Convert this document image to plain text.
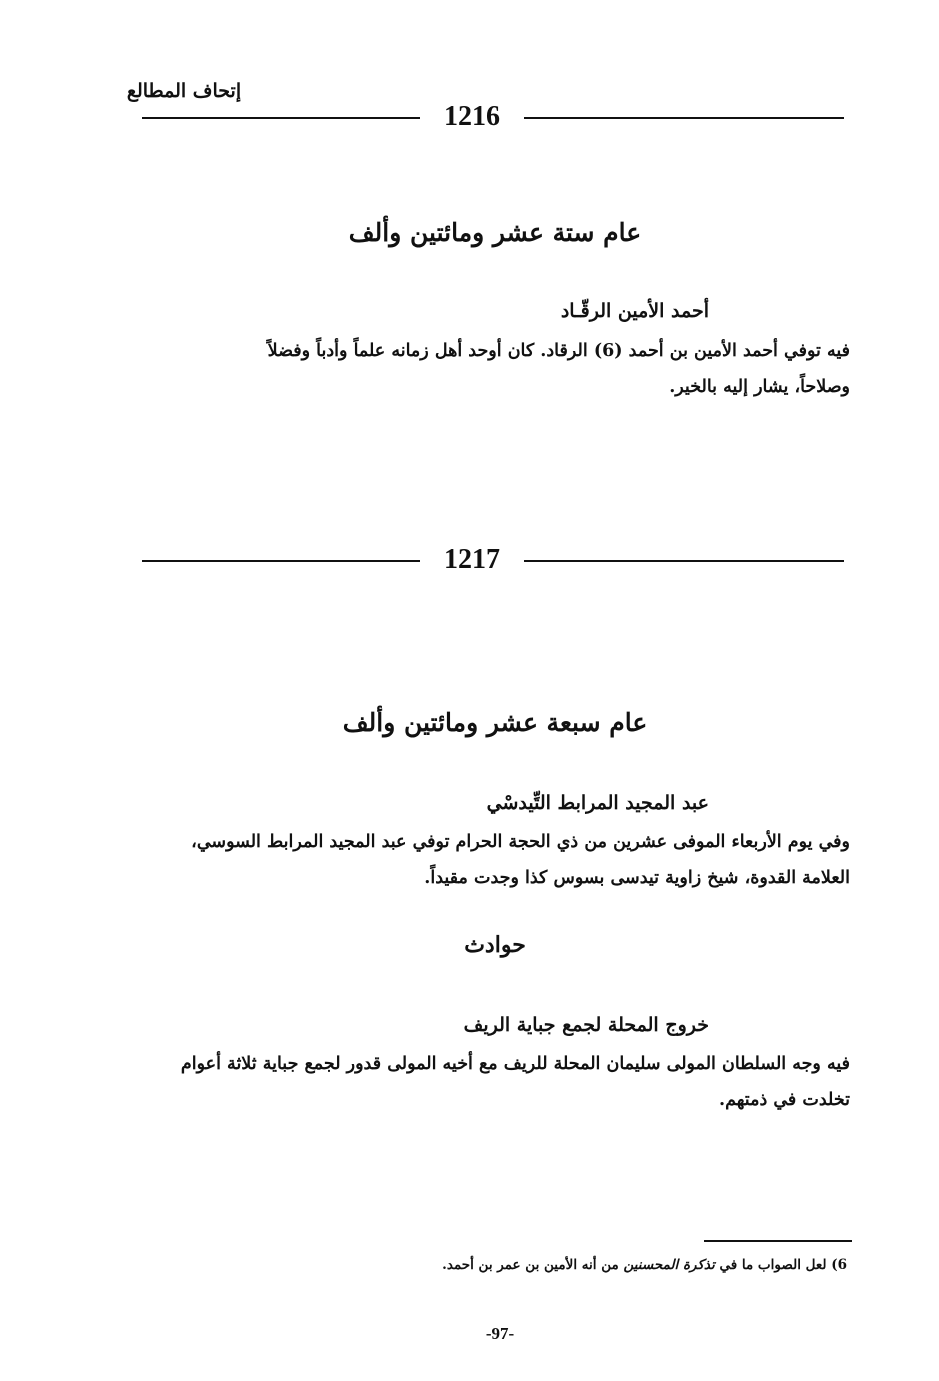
إتحاف المطالع
1216
عام ستة عشر ومائتين وألف
أحمد الأمين الرقّـاد
فيه توفي أحمد الأمين بن أحمد (6) الرقاد. كان أوحد أهل زمانه علماً وأدباً وفضلاً
وصلاحاً، يشار إليه بالخير.
1217
عام سبعة عشر ومائتين وألف
عبد المجيد المرابط التِّيدسْي
وفي يوم الأربعاء الموفى عشرين من ذي الحجة الحرام توفي عبد المجيد المرابط السوسي،
العلامة القدوة، شيخ زاوية تيدسى بسوس كذا وجدت مقيداً.
حوادث
خروج المحلة لجمع جباية الريف
فيه وجه السلطان المولى سليمان المحلة للريف مع أخيه المولى قدور لجمع جباية ثلاثة أعوام
تخلدت في ذمتهم.
6) لعل الصواب ما في تذكرة المحسنين من أنه الأمين بن عمر بن أحمد.
-97-
